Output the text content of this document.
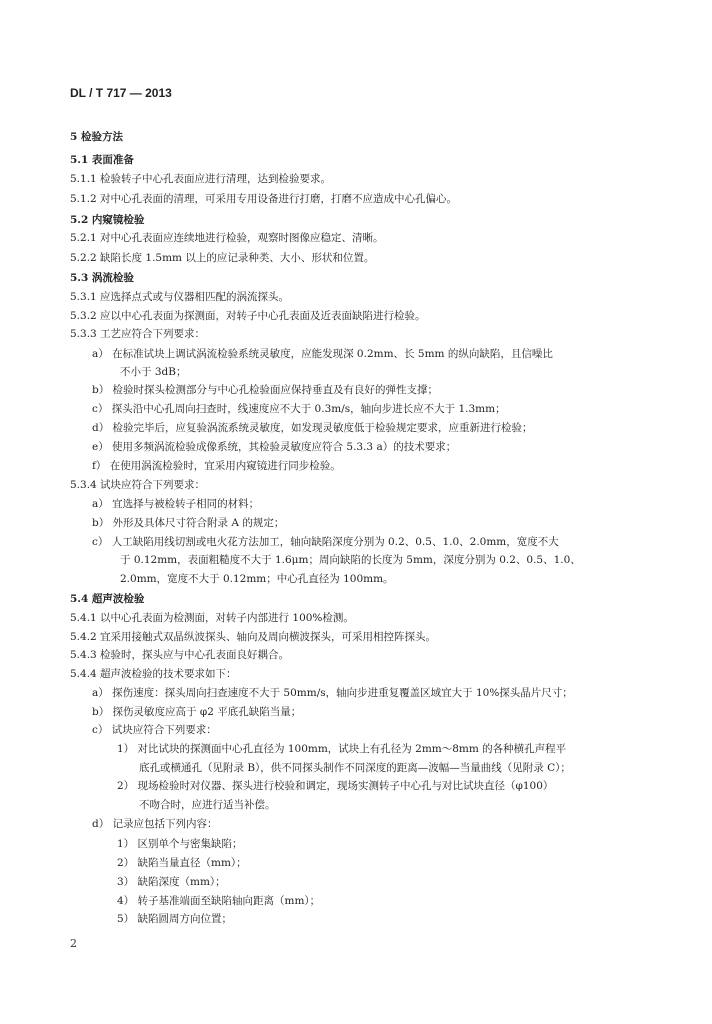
DL / T 717 — 2013
5 检验方法
5.1 表面准备
5.1.1 检验转子中心孔表面应进行清理，达到检验要求。
5.1.2 对中心孔表面的清理，可采用专用设备进行打磨，打磨不应造成中心孔偏心。
5.2 内窥镜检验
5.2.1 对中心孔表面应连续地进行检验，观察时图像应稳定、清晰。
5.2.2 缺陷长度 1.5mm 以上的应记录种类、大小、形状和位置。
5.3 涡流检验
5.3.1 应选择点式或与仪器相匹配的涡流探头。
5.3.2 应以中心孔表面为探测面，对转子中心孔表面及近表面缺陷进行检验。
5.3.3 工艺应符合下列要求：
a） 在标准试块上调试涡流检验系统灵敏度，应能发现深 0.2mm、长 5mm 的纵向缺陷，且信噪比
不小于 3dB；
b） 检验时探头检测部分与中心孔检验面应保持垂直及有良好的弹性支撑；
c） 探头沿中心孔周向扫查时，线速度应不大于 0.3m/s，轴向步进长应不大于 1.3mm；
d） 检验完毕后，应复验涡流系统灵敏度，如发现灵敏度低于检验规定要求，应重新进行检验；
e） 使用多频涡流检验成像系统，其检验灵敏度应符合 5.3.3 a）的技术要求；
f） 在使用涡流检验时，宜采用内窥镜进行同步检验。
5.3.4 试块应符合下列要求：
a） 宜选择与被检转子相同的材料；
b） 外形及具体尺寸符合附录 A 的规定；
c） 人工缺陷用线切割或电火花方法加工，轴向缺陷深度分别为 0.2、0.5、1.0、2.0mm，宽度不大
于 0.12mm，表面粗糙度不大于 1.6μm；周向缺陷的长度为 5mm，深度分别为 0.2、0.5、1.0、
2.0mm，宽度不大于 0.12mm；中心孔直径为 100mm。
5.4 超声波检验
5.4.1 以中心孔表面为检测面，对转子内部进行 100%检测。
5.4.2 宜采用接触式双晶纵波探头、轴向及周向横波探头，可采用相控阵探头。
5.4.3 检验时，探头应与中心孔表面良好耦合。
5.4.4 超声波检验的技术要求如下：
a） 探伤速度：探头周向扫查速度不大于 50mm/s，轴向步进重复覆盖区域宜大于 10%探头晶片尺寸；
b） 探伤灵敏度应高于 φ2 平底孔缺陷当量；
c） 试块应符合下列要求：
1） 对比试块的探测面中心孔直径为 100mm，试块上有孔径为 2mm～8mm 的各种横孔声程平
底孔或横通孔（见附录 B），供不同探头制作不同深度的距离—波幅—当量曲线（见附录 C）；
2） 现场检验时对仪器、探头进行校验和调定，现场实测转子中心孔与对比试块直径（φ100）
不吻合时，应进行适当补偿。
d） 记录应包括下列内容：
1） 区别单个与密集缺陷；
2） 缺陷当量直径（mm）；
3） 缺陷深度（mm）；
4） 转子基准端面至缺陷轴向距离（mm）；
5） 缺陷圆周方向位置；
2
